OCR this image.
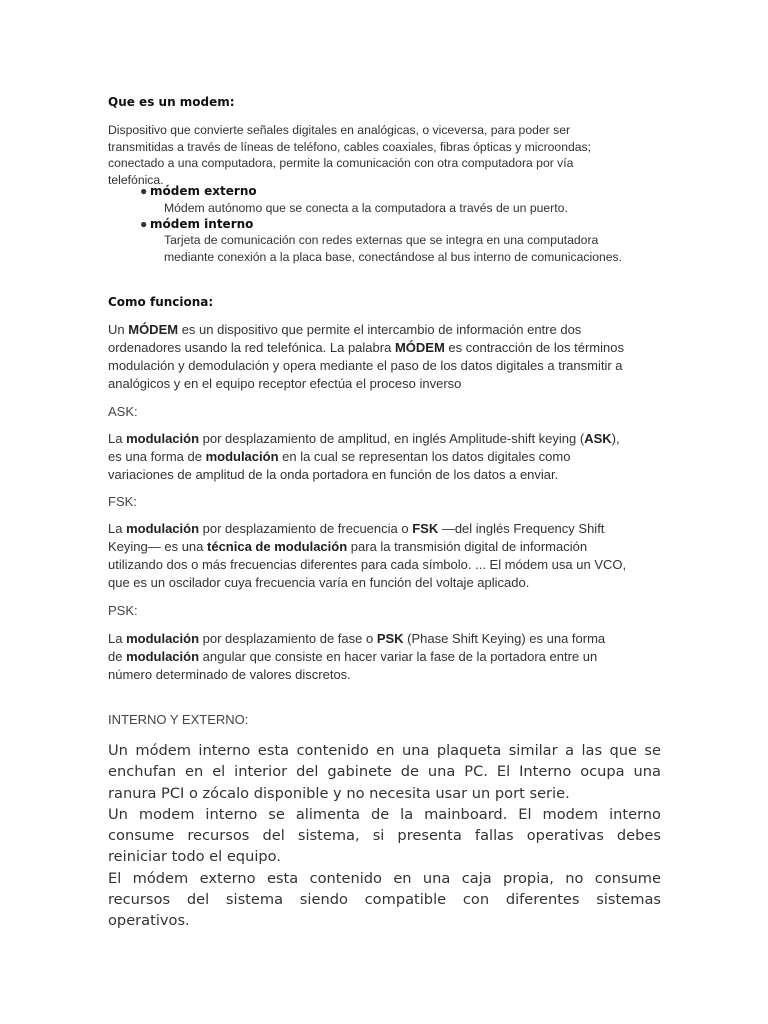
Que es un modem:
Dispositivo que convierte señales digitales en analógicas, o viceversa, para poder ser
transmitidas a través de líneas de teléfono, cables coaxiales, fibras ópticas y microondas;
conectado a una computadora, permite la comunicación con otra computadora por vía
telefónica.
● módem externo
Módem autónomo que se conecta a la computadora a través de un puerto.
● módem interno
Tarjeta de comunicación con redes externas que se integra en una computadora
mediante conexión a la placa base, conectándose al bus interno de comunicaciones.
Como funciona:
Un MÓDEM es un dispositivo que permite el intercambio de información entre dos
ordenadores usando la red telefónica. La palabra MÓDEM es contracción de los términos
modulación y demodulación y opera mediante el paso de los datos digitales a transmitir a
analógicos y en el equipo receptor efectúa el proceso inverso
ASK:
La modulación por desplazamiento de amplitud, en inglés Amplitude-shift keying (ASK),
es una forma de modulación en la cual se representan los datos digitales como
variaciones de amplitud de la onda portadora en función de los datos a enviar.
FSK:
La modulación por desplazamiento de frecuencia o FSK —del inglés Frequency Shift
Keying— es una técnica de modulación para la transmisión digital de información
utilizando dos o más frecuencias diferentes para cada símbolo. ... El módem usa un VCO,
que es un oscilador cuya frecuencia varía en función del voltaje aplicado.
PSK:
La modulación por desplazamiento de fase o PSK (Phase Shift Keying) es una forma
de modulación angular que consiste en hacer variar la fase de la portadora entre un
número determinado de valores discretos.
INTERNO Y EXTERNO:
Un módem interno esta contenido en una plaqueta similar a las que se
enchufan en el interior del gabinete de una PC. El Interno ocupa una
ranura PCI o zócalo disponible y no necesita usar un port serie.
Un modem interno se alimenta de la mainboard. El modem interno
consume recursos del sistema, si presenta fallas operativas debes
reiniciar todo el equipo.
El módem externo esta contenido en una caja propia, no consume
recursos del sistema siendo compatible con diferentes sistemas
operativos.
